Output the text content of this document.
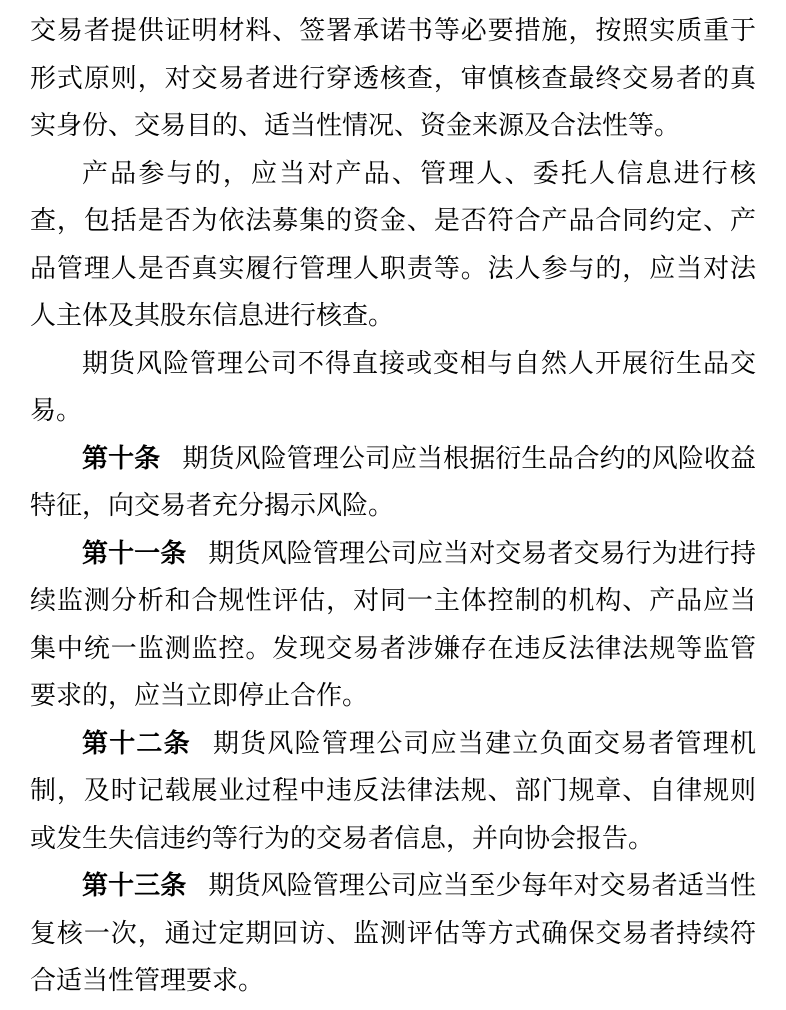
交易者提供证明材料、签署承诺书等必要措施，按照实质重于形式原则，对交易者进行穿透核查，审慎核查最终交易者的真实身份、交易目的、适当性情况、资金来源及合法性等。

产品参与的，应当对产品、管理人、委托人信息进行核查，包括是否为依法募集的资金、是否符合产品合同约定、产品管理人是否真实履行管理人职责等。法人参与的，应当对法人主体及其股东信息进行核查。

期货风险管理公司不得直接或变相与自然人开展衍生品交易。

第十条 期货风险管理公司应当根据衍生品合约的风险收益特征，向交易者充分揭示风险。

第十一条 期货风险管理公司应当对交易者交易行为进行持续监测分析和合规性评估，对同一主体控制的机构、产品应当集中统一监测监控。发现交易者涉嫌存在违反法律法规等监管要求的，应当立即停止合作。

第十二条 期货风险管理公司应当建立负面交易者管理机制，及时记载展业过程中违反法律法规、部门规章、自律规则或发生失信违约等行为的交易者信息，并向协会报告。

第十三条 期货风险管理公司应当至少每年对交易者适当性复核一次，通过定期回访、监测评估等方式确保交易者持续符合适当性管理要求。
